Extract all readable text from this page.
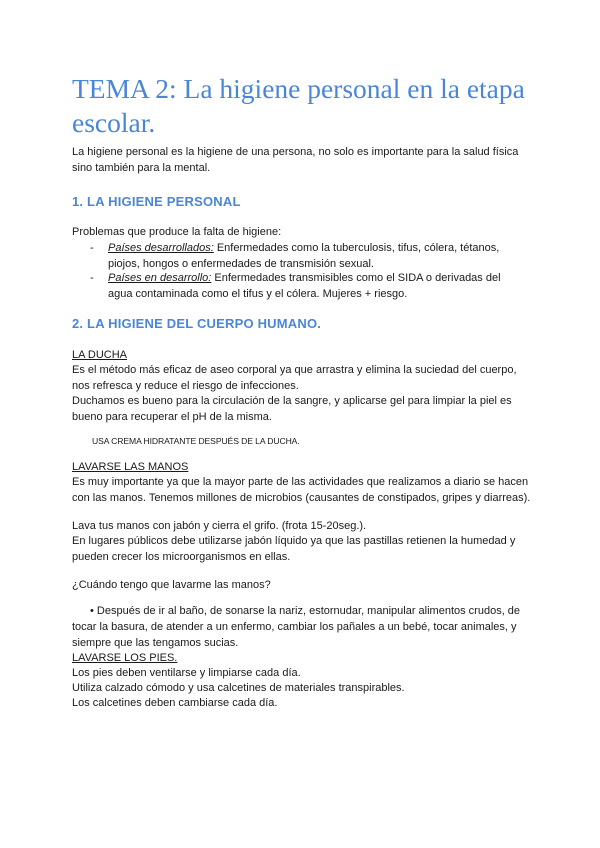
TEMA 2: La higiene personal en la etapa escolar.

La higiene personal es la higiene de una persona, no solo es importante para la salud física sino también para la mental.

1. LA HIGIENE PERSONAL

Problemas que produce la falta de higiene:

- Países desarrollados: Enfermedades como la tuberculosis, tifus, cólera, tétanos, piojos, hongos o enfermedades de transmisión sexual.
- Países en desarrollo: Enfermedades transmisibles como el SIDA o derivadas del agua contaminada como el tifus y el cólera. Mujeres + riesgo.
2. LA HIGIENE DEL CUERPO HUMANO.
LA DUCHA

Es el método más eficaz de aseo corporal ya que arrastra y elimina la suciedad del cuerpo, nos refresca y reduce el riesgo de infecciones.

Duchamos es bueno para la circulación de la sangre, y aplicarse gel para limpiar la piel es bueno para recuperar el pH de la misma.

USA CREMA HIDRATANTE DESPUÉS DE LA DUCHA.
LAVARSE LAS MANOS

Es muy importante ya que la mayor parte de las actividades que realizamos a diario se hacen con las manos. Tenemos millones de microbios (causantes de constipados, gripes y diarreas).

Lava tus manos con jabón y cierra el grifo. (frota 15-20seg.).

En lugares públicos debe utilizarse jabón líquido ya que las pastillas retienen la humedad y pueden crecer los microorganismos en ellas.

¿Cuándo tengo que lavarme las manos?

• Después de ir al baño, de sonarse la nariz, estornudar, manipular alimentos crudos, de tocar la basura, de atender a un enfermo, cambiar los pañales a un bebé, tocar animales, y siempre que las tengamos sucias.

LAVARSE LOS PIES.

Los pies deben ventilarse y limpiarse cada día.

Utiliza calzado cómodo y usa calcetines de materiales transpirables.

Los calcetines deben cambiarse cada día.
